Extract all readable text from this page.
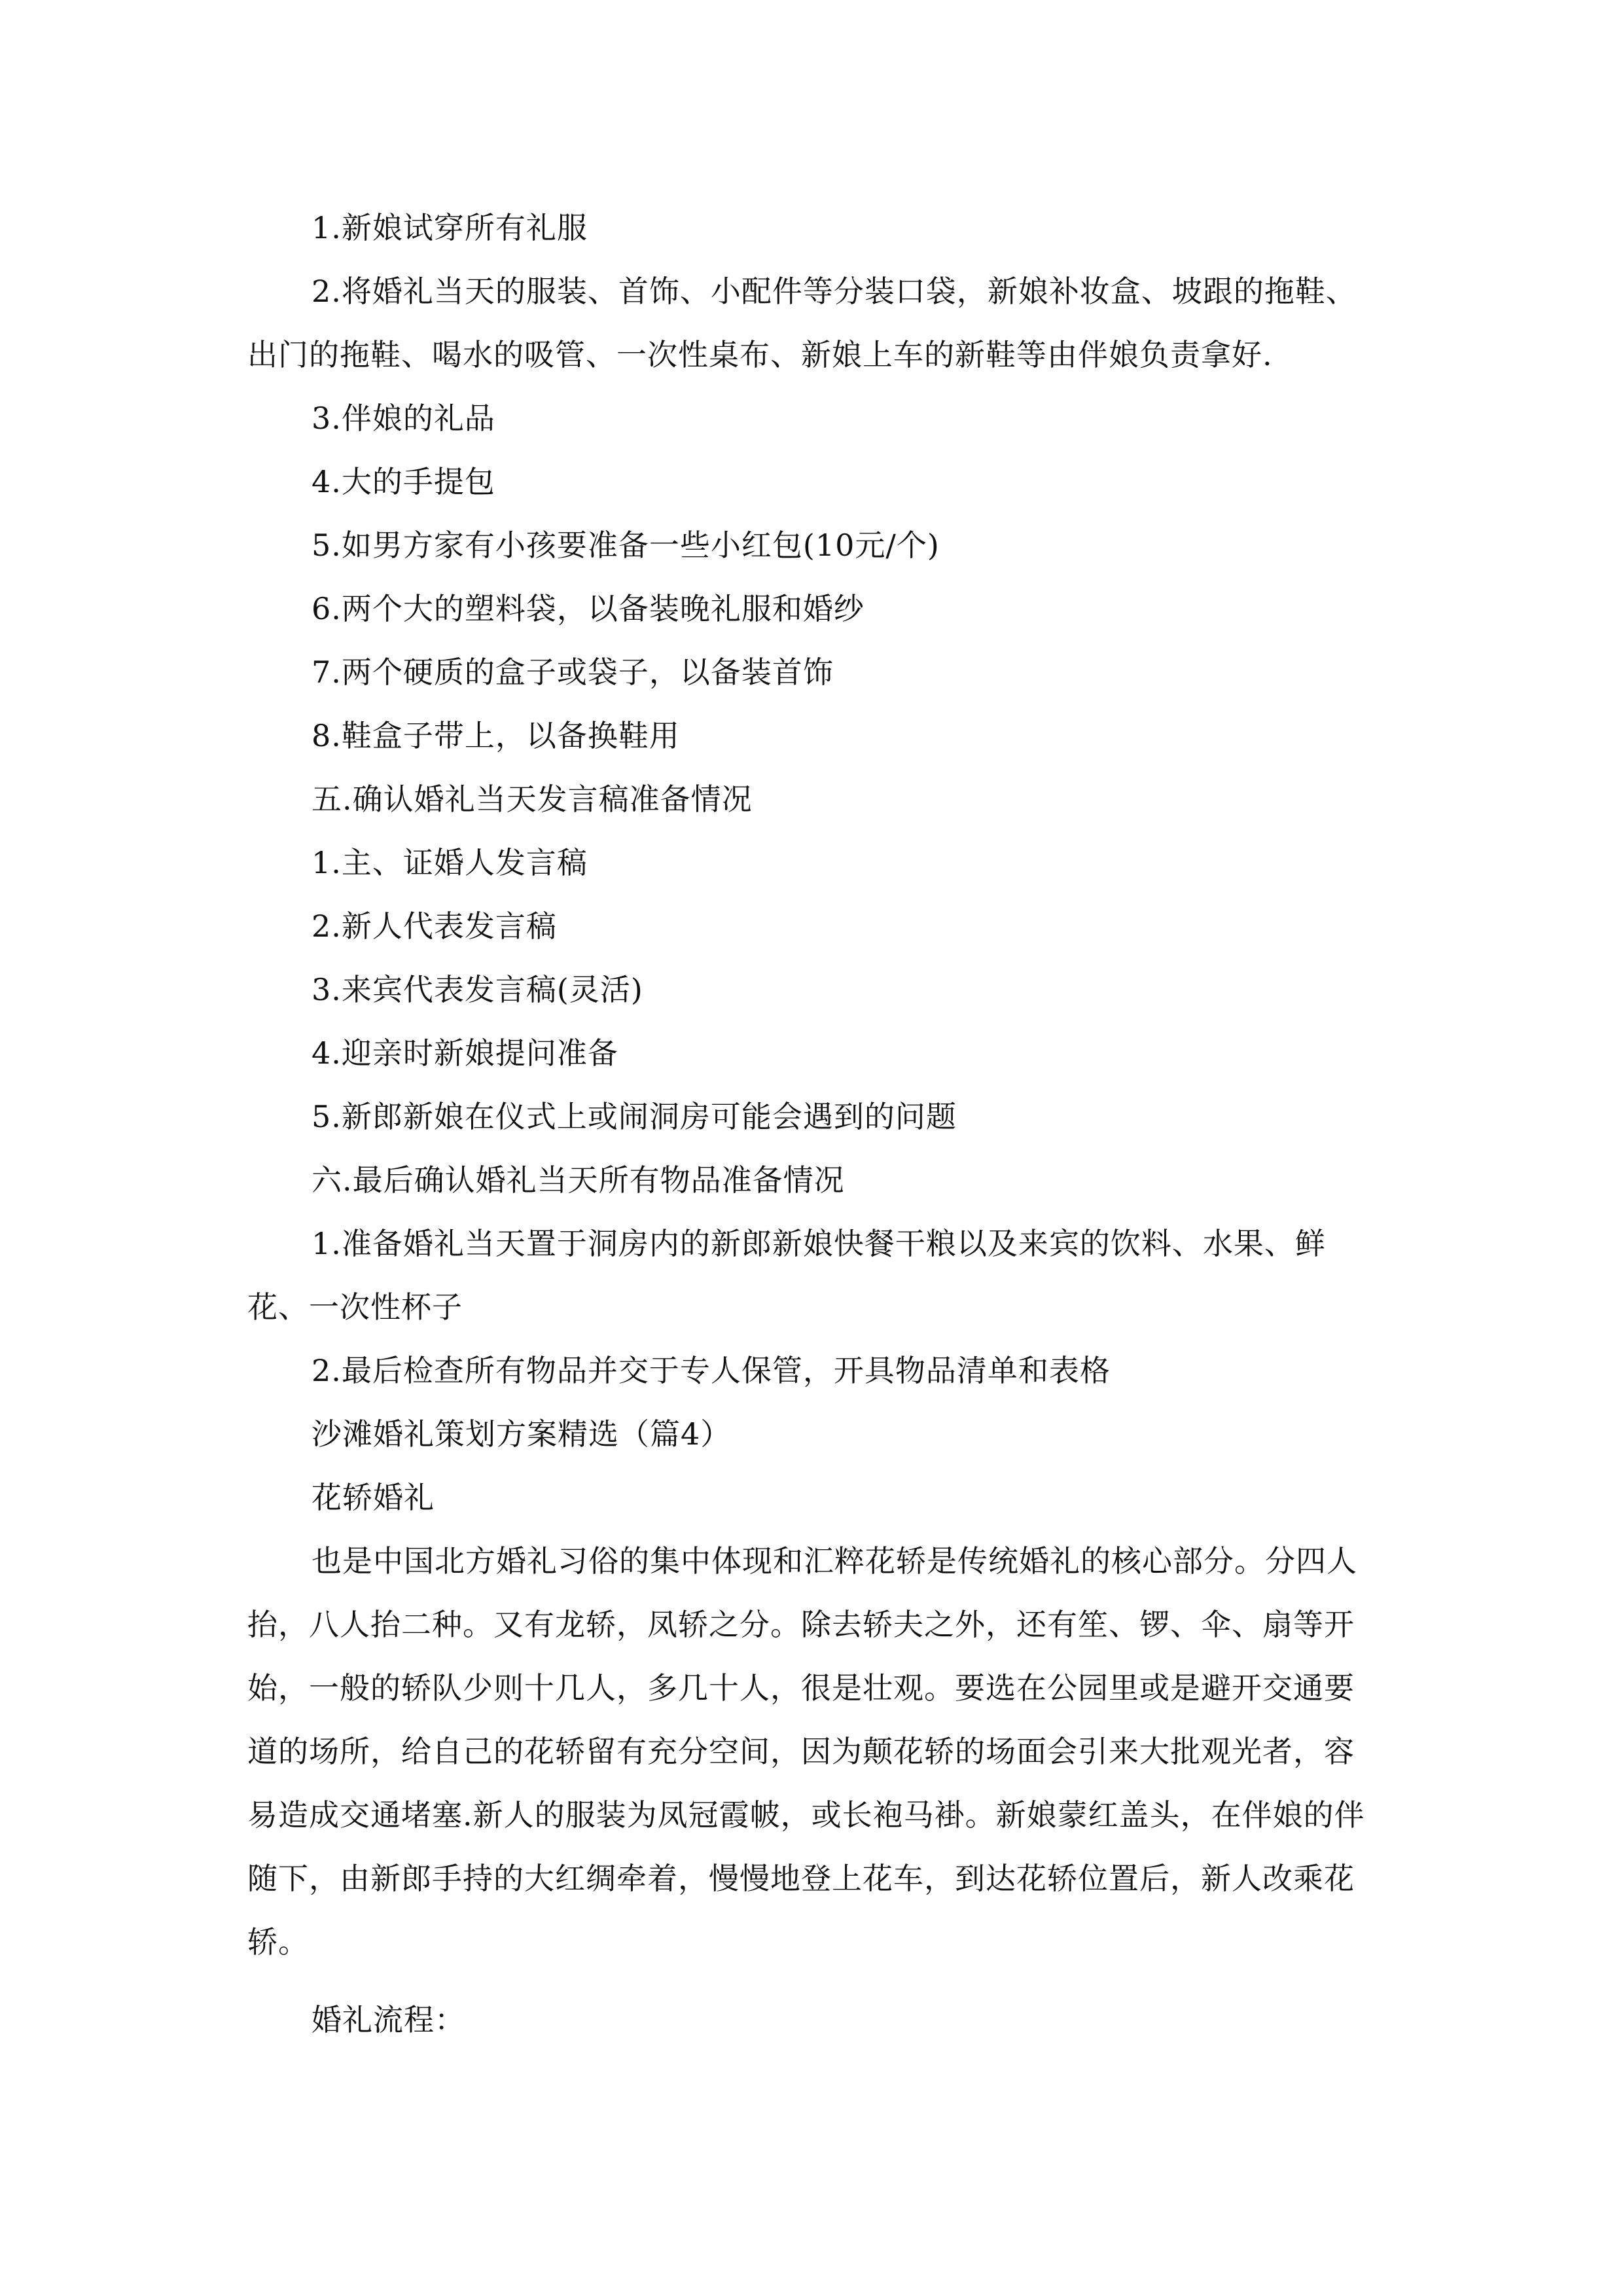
1.新娘试穿所有礼服

2.将婚礼当天的服装、首饰、小配件等分装口袋，新娘补妆盒、坡跟的拖鞋、出门的拖鞋、喝水的吸管、一次性桌布、新娘上车的新鞋等由伴娘负责拿好.

3.伴娘的礼品

4.大的手提包

5.如男方家有小孩要准备一些小红包(10元/个)

6.两个大的塑料袋，以备装晚礼服和婚纱

7.两个硬质的盒子或袋子，以备装首饰

8.鞋盒子带上，以备换鞋用

五.确认婚礼当天发言稿准备情况

1.主、证婚人发言稿

2.新人代表发言稿

3.来宾代表发言稿(灵活)

4.迎亲时新娘提问准备

5.新郎新娘在仪式上或闹洞房可能会遇到的问题

六.最后确认婚礼当天所有物品准备情况

1.准备婚礼当天置于洞房内的新郎新娘快餐干粮以及来宾的饮料、水果、鲜花、一次性杯子

2.最后检查所有物品并交于专人保管，开具物品清单和表格

沙滩婚礼策划方案精选（篇4）

花轿婚礼

也是中国北方婚礼习俗的集中体现和汇粹花轿是传统婚礼的核心部分。分四人抬，八人抬二种。又有龙轿，凤轿之分。除去轿夫之外，还有笙、锣、伞、扇等开始，一般的轿队少则十几人，多几十人，很是壮观。要选在公园里或是避开交通要道的场所，给自己的花轿留有充分空间，因为颠花轿的场面会引来大批观光者，容易造成交通堵塞.新人的服装为凤冠霞帔，或长袍马褂。新娘蒙红盖头，在伴娘的伴随下，由新郎手持的大红绸牵着，慢慢地登上花车，到达花轿位置后，新人改乘花轿。

婚礼流程：
